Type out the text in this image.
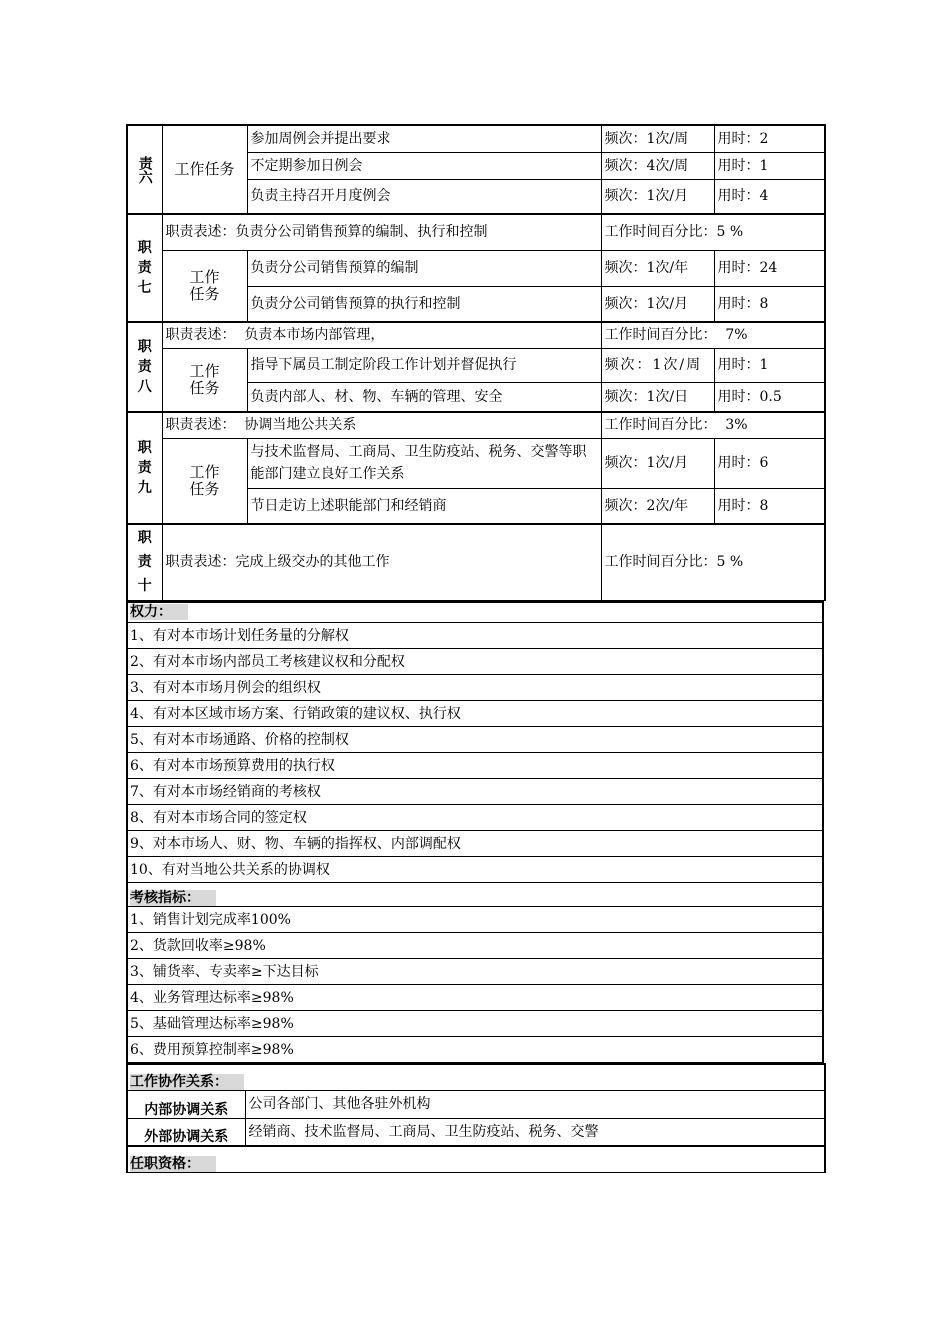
责六	工作任务	参加周例会并提出要求	频次：1次/周	用时：2
		不定期参加日例会	频次：4次/周	用时：1
		负责主持召开月度例会	频次：1次/月	用时：4
职责七	职责表述：负责分公司销售预算的编制、执行和控制		工作时间百分比：5 %	
	工作任务	负责分公司销售预算的编制	频次：1次/年	用时：24
		负责分公司销售预算的执行和控制	频次：1次/月	用时：8
职责八	职责表述：  负责本市场内部管理，		工作时间百分比：  7%	
	工作任务	指导下属员工制定阶段工作计划并督促执行	频次：1次/周	用时：1
		负责内部人、材、物、车辆的管理、安全	频次：1次/日	用时：0.5
职责九	职责表述：  协调当地公共关系		工作时间百分比：  3%	
	工作任务	与技术监督局、工商局、卫生防疫站、税务、交警等职能部门建立良好工作关系	频次：1次/月	用时：6
		节日走访上述职能部门和经销商	频次：2次/年	用时：8
职责十	职责表述：完成上级交办的其他工作		工作时间百分比：5 %	
权力：
1、有对本市场计划任务量的分解权
2、有对本市场内部员工考核建议权和分配权
3、有对本市场月例会的组织权
4、有对本区域市场方案、行销政策的建议权、执行权
5、有对本市场通路、价格的控制权
6、有对本市场预算费用的执行权
7、有对本市场经销商的考核权
8、有对本市场合同的签定权
9、对本市场人、财、物、车辆的指挥权、内部调配权
10、有对当地公共关系的协调权
考核指标：
1、销售计划完成率100%
2、货款回收率≥98%
3、铺货率、专卖率≥下达目标
4、业务管理达标率≥98%
5、基础管理达标率≥98%
6、费用预算控制率≥98%
工作协作关系：	
内部协调关系	公司各部门、其他各驻外机构
外部协调关系	经销商、技术监督局、工商局、卫生防疫站、税务、交警
任职资格：	
